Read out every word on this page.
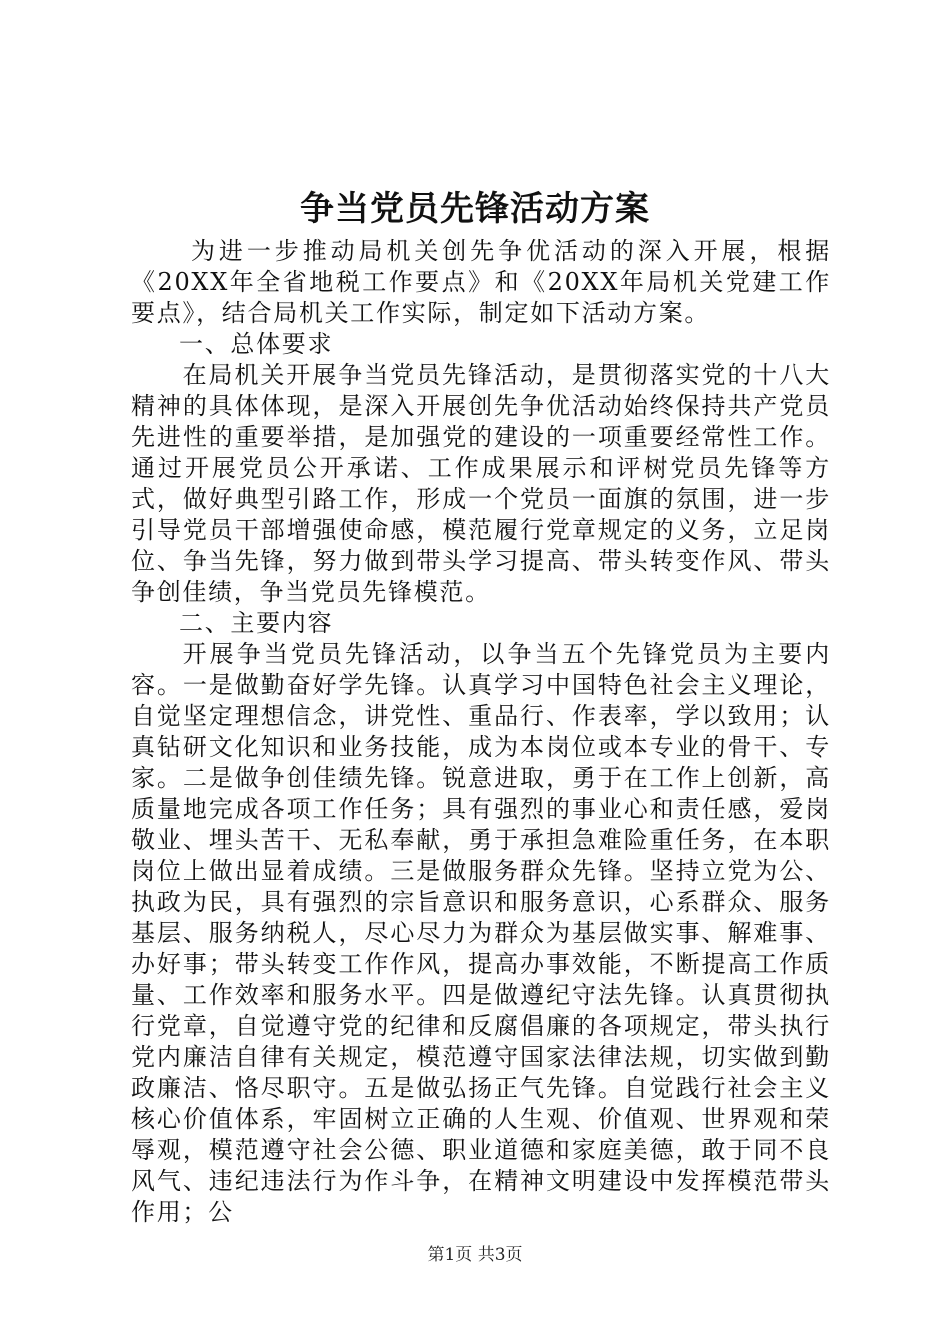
争当党员先锋活动方案

为进一步推动局机关创先争优活动的深入开展，根据《20XX年全省地税工作要点》和《20XX年局机关党建工作要点》，结合局机关工作实际，制定如下活动方案。

一、总体要求

在局机关开展争当党员先锋活动，是贯彻落实党的十八大精神的具体体现，是深入开展创先争优活动始终保持共产党员先进性的重要举措，是加强党的建设的一项重要经常性工作。通过开展党员公开承诺、工作成果展示和评树党员先锋等方式，做好典型引路工作，形成一个党员一面旗的氛围，进一步引导党员干部增强使命感，模范履行党章规定的义务，立足岗位、争当先锋，努力做到带头学习提高、带头转变作风、带头争创佳绩，争当党员先锋模范。

二、主要内容

开展争当党员先锋活动，以争当五个先锋党员为主要内容。一是做勤奋好学先锋。认真学习中国特色社会主义理论，自觉坚定理想信念，讲党性、重品行、作表率，学以致用；认真钻研文化知识和业务技能，成为本岗位或本专业的骨干、专家。二是做争创佳绩先锋。锐意进取，勇于在工作上创新，高质量地完成各项工作任务；具有强烈的事业心和责任感，爱岗敬业、埋头苦干、无私奉献，勇于承担急难险重任务，在本职岗位上做出显着成绩。三是做服务群众先锋。坚持立党为公、执政为民，具有强烈的宗旨意识和服务意识，心系群众、服务基层、服务纳税人，尽心尽力为群众为基层做实事、解难事、办好事；带头转变工作作风，提高办事效能，不断提高工作质量、工作效率和服务水平。四是做遵纪守法先锋。认真贯彻执行党章，自觉遵守党的纪律和反腐倡廉的各项规定，带头执行党内廉洁自律有关规定，模范遵守国家法律法规，切实做到勤政廉洁、恪尽职守。五是做弘扬正气先锋。自觉践行社会主义核心价值体系，牢固树立正确的人生观、价值观、世界观和荣辱观，模范遵守社会公德、职业道德和家庭美德，敢于同不良风气、违纪违法行为作斗争，在精神文明建设中发挥模范带头作用；公

第1页 共3页
